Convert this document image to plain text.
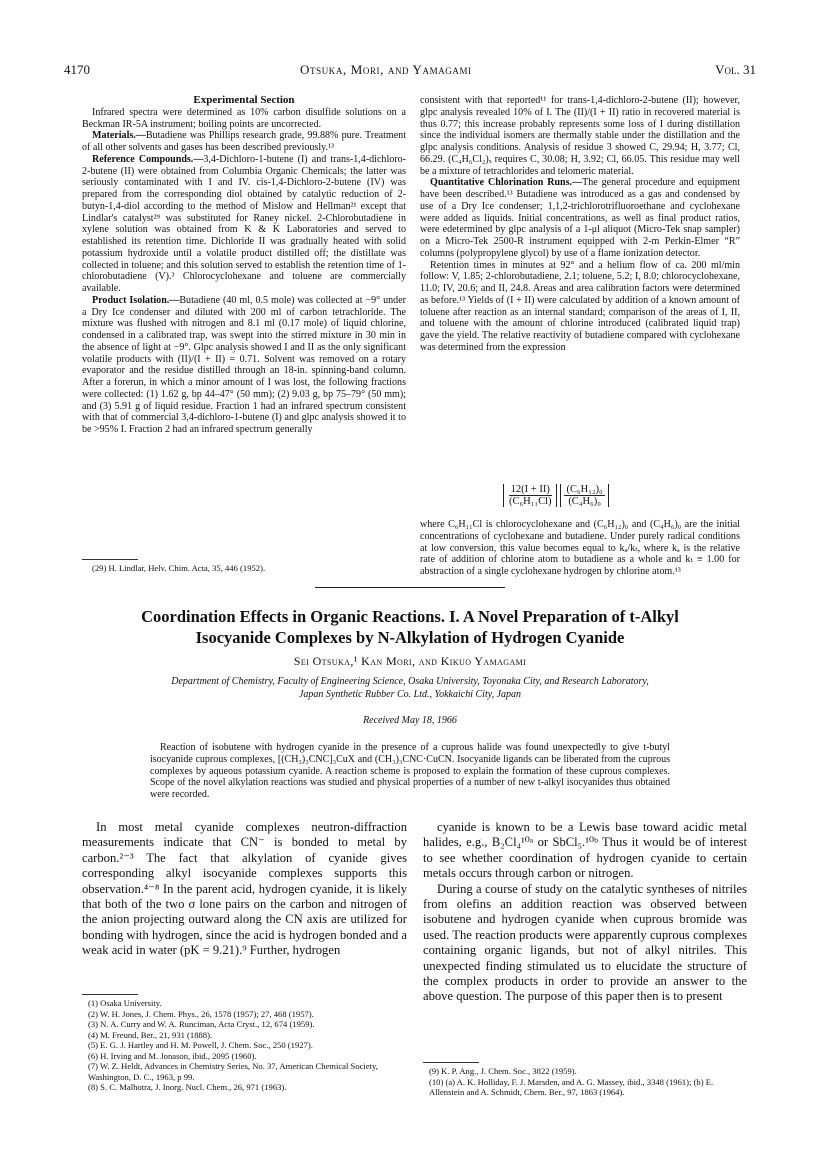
4170	Otsuka, Mori, and Yamagami	Vol. 31

Experimental Section

Infrared spectra were determined as 10% carbon disulfide solutions on a Beckman IR-5A instrument; boiling points are uncorrected.

Materials.—Butadiene was Phillips research grade, 99.88% pure. Treatment of all other solvents and gases has been described previously.¹³

Reference Compounds.—3,4-Dichloro-1-butene (I) and trans-1,4-dichloro-2-butene (II) were obtained from Columbia Organic Chemicals; the latter was seriously contaminated with I and IV. cis-1,4-Dichloro-2-butene (IV) was prepared from the corresponding diol obtained by catalytic reduction of 2-butyn-1,4-diol according to the method of Mislow and Hellman²¹ except that Lindlar's catalyst²⁹ was substituted for Raney nickel. 2-Chlorobutadiene in xylene solution was obtained from K & K Laboratories and served to established its retention time. Dichloride II was gradually heated with solid potassium hydroxide until a volatile product distilled off; the distillate was collected in toluene; and this solution served to establish the retention time of 1-chlorobutadiene (V).³ Chlorocyclohexane and toluene are commercially available.

Product Isolation.—Butadiene (40 ml, 0.5 mole) was collected at −9° under a Dry Ice condenser and diluted with 200 ml of carbon tetrachloride. The mixture was flushed with nitrogen and 8.1 ml (0.17 mole) of liquid chlorine, condensed in a calibrated trap, was swept into the stirred mixture in 30 min in the absence of light at −9°. Glpc analysis showed I and II as the only significant volatile products with (II)/(I + II) = 0.71. Solvent was removed on a rotary evaporator and the residue distilled through an 18-in. spinning-band column. After a forerun, in which a minor amount of I was lost, the following fractions were collected: (1) 1.62 g, bp 44–47° (50 mm); (2) 9.03 g, bp 75–79° (50 mm); and (3) 5.91 g of liquid residue. Fraction 1 had an infrared spectrum consistent with that of commercial 3,4-dichloro-1-butene (I) and glpc analysis showed it to be >95% I. Fraction 2 had an infrared spectrum generally

(29) H. Lindlar, Helv. Chim. Acta, 35, 446 (1952).

consistent with that reported¹¹ for trans-1,4-dichloro-2-butene (II); however, glpc analysis revealed 10% of I. The (II)/(I + II) ratio in recovered material is thus 0.77; this increase probably represents some loss of I during distillation since the individual isomers are thermally stable under the distillation and the glpc analysis conditions. Analysis of residue 3 showed C, 29.94; H, 3.77; Cl, 66.29. (C₄H₆Cl₂)ₓ requires C, 30.08; H, 3.92; Cl, 66.05. This residue may well be a mixture of tetrachlorides and telomeric material.

Quantitative Chlorination Runs.—The general procedure and equipment have been described.¹³ Butadiene was introduced as a gas and condensed by use of a Dry Ice condenser; 1,1,2-trichlorotrifluoroethane and cyclohexane were added as liquids. Initial concentrations, as well as final product ratios, were edetermined by glpc analysis of a 1-μl aliquot (Micro-Tek snap sampler) on a Micro-Tek 2500-R instrument equipped with 2-m Perkin-Elmer “R” columns (polypropylene glycol) by use of a flame ionization detector.

Retention times in minutes at 92° and a helium flow of ca. 200 ml/min follow: V, 1.85; 2-chlorobutadiene, 2.1; toluene, 5.2; I, 8.0; chlorocyclohexane, 11.0; IV, 20.6; and II, 24.8. Areas and area calibration factors were determined as before.¹³ Yields of (I + II) were calculated by addition of a known amount of toluene after reaction as an internal standard; comparison of the areas of I, II, and toluene with the amount of chlorine introduced (calibrated liquid trap) gave the yield. The relative reactivity of butadiene compared with cyclohexane was determined from the expression

$\frac{12(I + II)}{\text{(C₆H₁₁Cl)}} \frac{\text{(C₆H₁₂)₀}}{\text{(C₄H₆)₀}}$

where C₆H₁₁Cl is chlorocyclohexane and (C₆H₁₂)₀ and (C₄H₆)₀ are the initial concentrations of cyclohexane and butadiene. Under purely radical conditions at low conversion, this value becomes equal to kₐ/kₜ, where kₐ is the relative rate of addition of chlorine atom to butadiene as a whole and kₜ ≡ 1.00 for abstraction of a single cyclohexane hydrogen by chlorine atom.¹³

Coordination Effects in Organic Reactions. I. A Novel Preparation of t-Alkyl
Isocyanide Complexes by N-Alkylation of Hydrogen Cyanide
Sei Otsuka,¹ Kan Mori, and Kikuo Yamagami
Department of Chemistry, Faculty of Engineering Science, Osaka University, Toyonaka City, and Research Laboratory,
Japan Synthetic Rubber Co. Ltd., Yokkaichi City, Japan
Received May 18, 1966
Reaction of isobutene with hydrogen cyanide in the presence of a cuprous halide was found unexpectedly to give t-butyl isocyanide cuprous complexes, [(CH₃)₃CNC]₃CuX and (CH₃)₃CNC·CuCN. Isocyanide ligands can be liberated from the cuprous complexes by aqueous potassium cyanide. A reaction scheme is proposed to explain the formation of these cuprous complexes. Scope of the novel alkylation reactions was studied and physical properties of a number of new t-alkyl isocyanides thus obtained were recorded.

In most metal cyanide complexes neutron-diffraction measurements indicate that CN⁻ is bonded to metal by carbon.²⁻³ The fact that alkylation of cyanide gives corresponding alkyl isocyanide complexes supports this observation.⁴⁻⁸ In the parent acid, hydrogen cyanide, it is likely that both of the two σ lone pairs on the carbon and nitrogen of the anion projecting outward along the CN axis are utilized for bonding with hydrogen, since the acid is hydrogen bonded and a weak acid in water (pK = 9.21).⁹ Further, hydrogen

(1) Osaka University.

(2) W. H. Jones, J. Chem. Phys., 26, 1578 (1957); 27, 468 (1957).

(3) N. A. Curry and W. A. Runciman, Acta Cryst., 12, 674 (1959).

(4) M. Freund, Ber., 21, 931 (1888).

(5) E. G. J. Hartley and H. M. Powell, J. Chem. Soc., 250 (1927).

(6) H. Irving and M. Jonason, ibid., 2095 (1960).

(7) W. Z. Heldt, Advances in Chemistry Series, No. 37, American Chemical Society, Washington, D. C., 1963, p 99.

(8) S. C. Malhotra, J. Inorg. Nucl. Chem., 26, 971 (1963).

cyanide is known to be a Lewis base toward acidic metal halides, e.g., B₂Cl₄¹⁰ᵃ or SbCl₅.¹⁰ᵇ Thus it would be of interest to see whether coordination of hydrogen cyanide to certain metals occurs through carbon or nitrogen.

During a course of study on the catalytic syntheses of nitriles from olefins an addition reaction was observed between isobutene and hydrogen cyanide when cuprous bromide was used. The reaction products were apparently cuprous complexes containing organic ligands, but not of alkyl nitriles. This unexpected finding stimulated us to elucidate the structure of the complex products in order to provide an answer to the above question. The purpose of this paper then is to present

(9) K. P. Ang., J. Chem. Soc., 3822 (1959).

(10) (a) A. K. Holliday, F. J. Marsden, and A. G. Massey, ibid., 3348 (1961); (b) E. Allenstein and A. Schmidt, Chem. Ber., 97, 1863 (1964).
